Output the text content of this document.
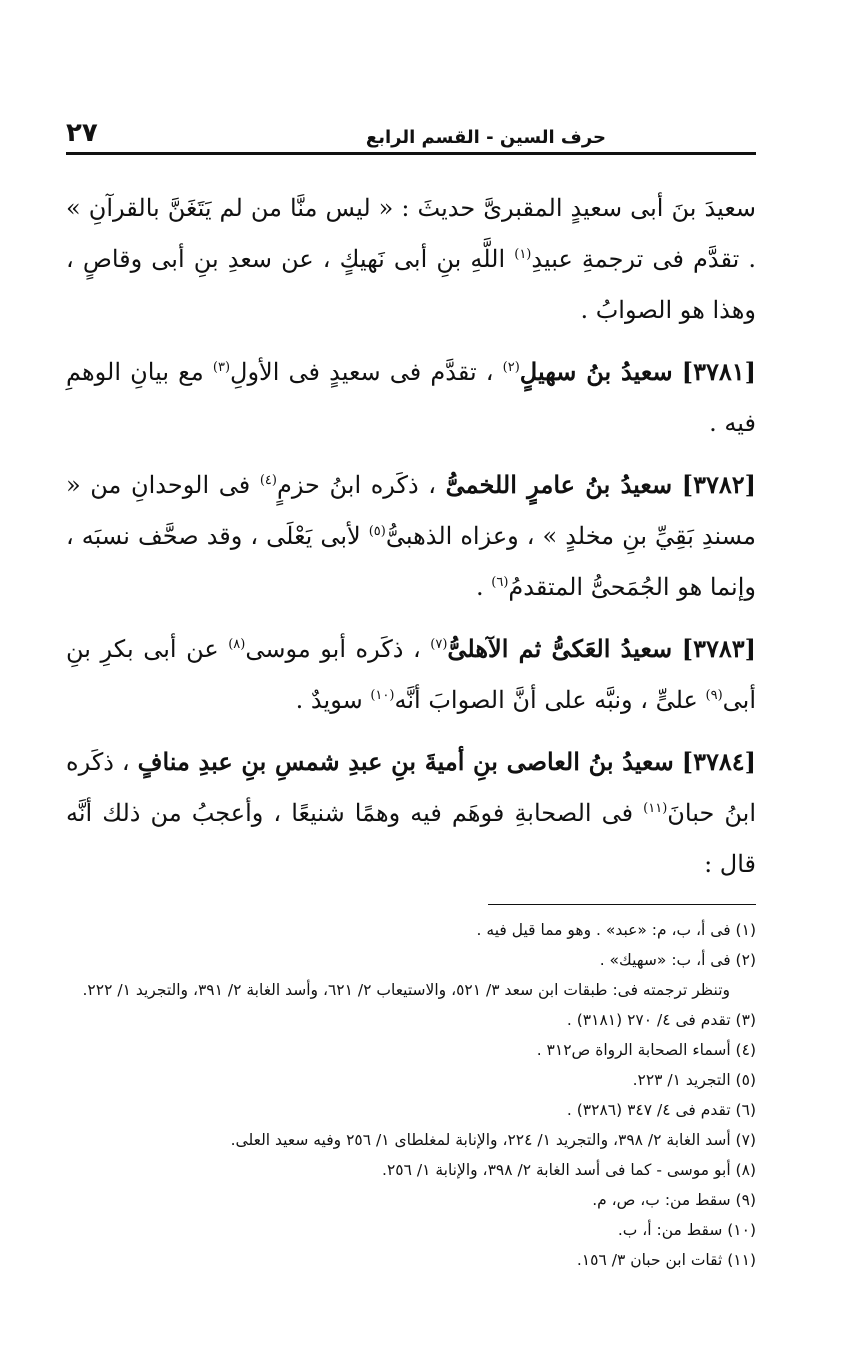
حرف السين - القسم الرابع
٢٧

سعيدَ بنَ أبى سعيدٍ المقبرىَّ حديثَ : « ليس منَّا من لم يَتَغَنَّ بالقرآنِ » . تقدَّم فى ترجمةِ عبيدِ$^{(١)}$ اللَّهِ بنِ أبى نَهيكٍ ، عن سعدِ بنِ أبى وقاصٍ ، وهذا هو الصوابُ .

[٣٧٨١] سعيدُ بنُ سهيلٍ$^{(٢)}$ ، تقدَّم فى سعيدٍ فى الأولِ$^{(٣)}$ مع بيانِ الوهمِ فيه .

[٣٧٨٢] سعيدُ بنُ عامرٍ اللخمىُّ ، ذكَره ابنُ حزمٍ$^{(٤)}$ فى الوحدانِ من « مسندِ بَقِيِّ بنِ مخلدٍ » ، وعزاه الذهبىُّ$^{(٥)}$ لأبى يَعْلَى ، وقد صحَّف نسبَه ، وإنما هو الجُمَحىُّ المتقدمُ$^{(٦)}$ .

[٣٧٨٣] سعيدُ العَكىُّ ثم الآهلىُّ$^{(٧)}$ ، ذكَره أبو موسى$^{(٨)}$ عن أبى بكرِ بنِ أبى$^{(٩)}$ علىٍّ ، ونبَّه على أنَّ الصوابَ أنَّه$^{(١٠)}$ سويدٌ .

[٣٧٨٤] سعيدُ بنُ العاصى بنِ أميةَ بنِ عبدِ شمسِ بنِ عبدِ منافٍ ، ذكَره ابنُ حبانَ$^{(١١)}$ فى الصحابةِ فوهَم فيه وهمًا شنيعًا ، وأعجبُ من ذلك أنَّه قال :

(١) فى أ، ب، م: «عبد» . وهو مما قيل فيه .

(٢) فى أ، ب: «سهيك» .

وتنظر ترجمته فى: طبقات ابن سعد ٣/ ٥٢١، والاستيعاب ٢/ ٦٢١، وأسد الغابة ٢/ ٣٩١، والتجريد ١/ ٢٢٢.

(٣) تقدم فى ٤/ ٢٧٠ (٣١٨١) .

(٤) أسماء الصحابة الرواة ص٣١٢ .

(٥) التجريد ١/ ٢٢٣.

(٦) تقدم فى ٤/ ٣٤٧ (٣٢٨٦) .

(٧) أسد الغابة ٢/ ٣٩٨، والتجريد ١/ ٢٢٤، والإنابة لمغلطاى ١/ ٢٥٦ وفيه سعيد العلى.

(٨) أبو موسى - كما فى أسد الغابة ٢/ ٣٩٨، والإنابة ١/ ٢٥٦.

(٩) سقط من: ب، ص، م.

(١٠) سقط من: أ، ب.

(١١) ثقات ابن حبان ٣/ ١٥٦.
